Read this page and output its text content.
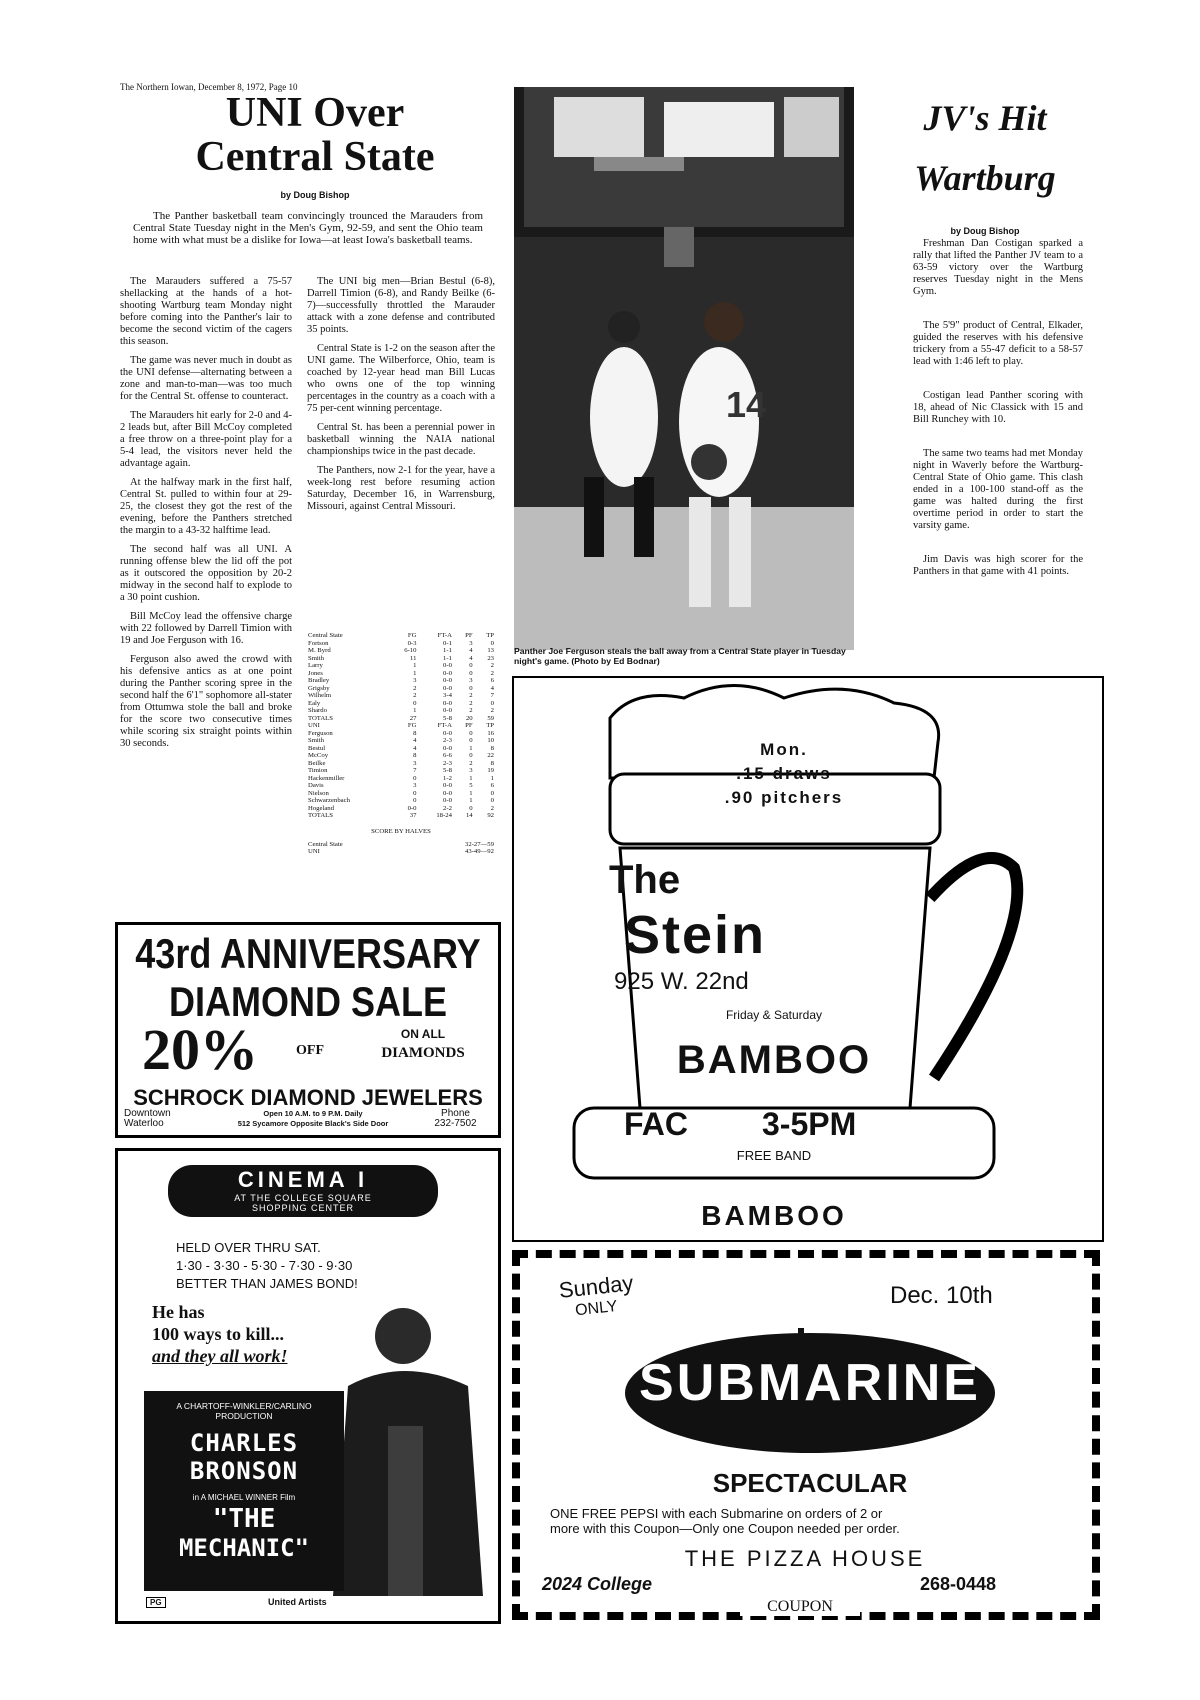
The Northern Iowan, December 8, 1972, Page 10
UNI Over
Central State
by Doug Bishop
The Panther basketball team convincingly trounced the Marauders from Central State Tuesday night in the Men's Gym, 92-59, and sent the Ohio team home with what must be a dislike for Iowa—at least Iowa's basketball teams.

The Marauders suffered a 75-57 shellacking at the hands of a hot-shooting Wartburg team Monday night before coming into the Panther's lair to become the second victim of the cagers this season.

The game was never much in doubt as the UNI defense—alternating between a zone and man-to-man—was too much for the Central St. offense to counteract.

The Marauders hit early for 2-0 and 4-2 leads but, after Bill McCoy completed a free throw on a three-point play for a 5-4 lead, the visitors never held the advantage again.

At the halfway mark in the first half, Central St. pulled to within four at 29-25, the closest they got the rest of the evening, before the Panthers stretched the margin to a 43-32 halftime lead.

The second half was all UNI. A running offense blew the lid off the pot as it outscored the opposition by 20-2 midway in the second half to explode to a 30 point cushion.

Bill McCoy lead the offensive charge with 22 followed by Darrell Timion with 19 and Joe Ferguson with 16.

Ferguson also awed the crowd with his defensive antics as at one point during the Panther scoring spree in the second half the 6'1" sophomore all-stater from Ottumwa stole the ball and broke for the score two consecutive times while scoring six straight points within 30 seconds.

The UNI big men—Brian Bestul (6-8), Darrell Timion (6-8), and Randy Beilke (6-7)—successfully throttled the Marauder attack with a zone defense and contributed 35 points.

Central State is 1-2 on the season after the UNI game. The Wilberforce, Ohio, team is coached by 12-year head man Bill Lucas who owns one of the top winning percentages in the country as a coach with a 75 per-cent winning percentage.

Central St. has been a perennial power in basketball winning the NAIA national championships twice in the past decade.

The Panthers, now 2-1 for the year, have a week-long rest before resuming action Saturday, December 16, in Warrensburg, Missouri, against Central Missouri.

Central State	FG	FT-A	PF	TP
Fortson	0-3	0-1	3	0
M. Byrd	6-10	1-1	4	13
Smith	11	1-1	4	23
Larry	1	0-0	0	2
Jones	1	0-0	0	2
Bradley	3	0-0	3	6
Grigsby	2	0-0	0	4
Wilhelm	2	3-4	2	7
Ealy	0	0-0	2	0
Shardo	1	0-0	2	2
TOTALS	27	5-8	20	59
UNI	FG	FT-A	PF	TP
Ferguson	8	0-0	0	16
Smith	4	2-3	0	10
Bestul	4	0-0	1	8
McCoy	8	6-6	0	22
Beilke	3	2-3	2	8
Timion	7	5-8	3	19
Hackenmiller	0	1-2	1	1
Davis	3	0-0	5	6
Nielson	0	0-0	1	0
Schwarzenbach	0	0-0	1	0
Hogeland	0-0	2-2	0	2
TOTALS	37	18-24	14	92
SCORE BY HALVES
Central State	32-27—59
UNI	43-49—92
14
Panther Joe Ferguson steals the ball away from a Central State player in Tuesday night's game. (Photo by Ed Bodnar)
JV's Hit
Wartburg
by Doug Bishop

Freshman Dan Costigan sparked a rally that lifted the Panther JV team to a 63-59 victory over the Wartburg reserves Tuesday night in the Mens Gym.

The 5'9" product of Central, Elkader, guided the reserves with his defensive trickery from a 55-47 deficit to a 58-57 lead with 1:46 left to play.

Costigan lead Panther scoring with 18, ahead of Nic Classick with 15 and Bill Runchey with 10.

The same two teams had met Monday night in Waverly before the Wartburg-Central State of Ohio game. This clash ended in a 100-100 stand-off as the game was halted during the first overtime period in order to start the varsity game.

Jim Davis was high scorer for the Panthers in that game with 41 points.

43rd ANNIVERSARY
DIAMOND SALE
20%	OFF
ON ALL
DIAMONDS
SCHROCK DIAMOND JEWELERS
Downtown
Waterloo
Open 10 A.M. to 9 P.M. Daily
512 Sycamore Opposite Black's Side Door
Phone
232-7502
CINEMA I
AT THE COLLEGE SQUARE
SHOPPING CENTER
HELD OVER THRU SAT.
1·30 - 3·30 - 5·30 - 7·30 - 9·30
BETTER THAN JAMES BOND!
He has
100 ways to kill...
and they all work!
A CHARTOFF-WINKLER/CARLINO
PRODUCTION
CHARLES
BRONSON
in A MICHAEL WINNER Film
"THE
MECHANIC"
PG	United Artists
Mon.
.15 draws
.90 pitchers
The
Stein
925 W. 22nd
Friday & Saturday
BAMBOO
FAC 3-5PM
FREE BAND
BAMBOO
Sunday
ONLY	Dec. 10th
SUBMARINE
SPECTACULAR
ONE FREE PEPSI with each Submarine on orders of 2 or
more with this Coupon—Only one Coupon needed per order.
THE PIZZA HOUSE
2024 College	268-0448
COUPON
